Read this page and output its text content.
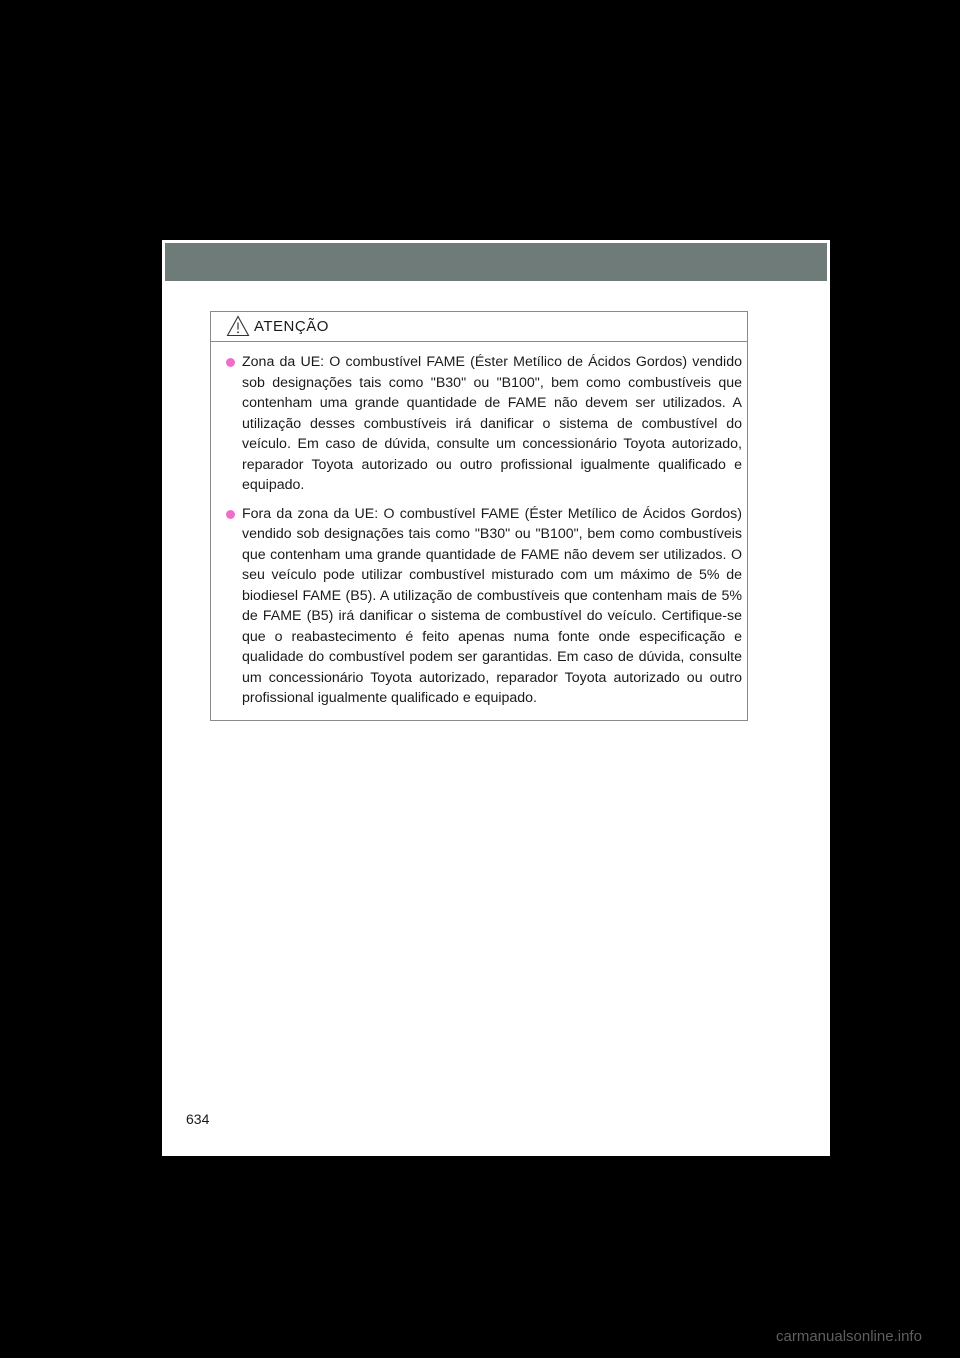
ATENÇÃO
Zona da UE: O combustível FAME (Éster Metílico de Ácidos Gordos) vendido sob designações tais como "B30" ou "B100", bem como combustíveis que contenham uma grande quantidade de FAME não devem ser utilizados. A utilização desses combustíveis irá danificar o sistema de combustível do veículo. Em caso de dúvida, consulte um concessionário Toyota autorizado, reparador Toyota autorizado ou outro profissional igualmente qualificado e equipado.
Fora da zona da UE: O combustível FAME (Éster Metílico de Ácidos Gordos) vendido sob designações tais como "B30" ou "B100", bem como combustíveis que contenham uma grande quantidade de FAME não devem ser utilizados. O seu veículo pode utilizar combustível misturado com um máximo de 5% de biodiesel FAME (B5). A utilização de combustíveis que contenham mais de 5% de FAME (B5) irá danificar o sistema de combustível do veículo. Certifique-se que o reabastecimento é feito apenas numa fonte onde especificação e qualidade do combustível podem ser garantidas. Em caso de dúvida, consulte um concessionário Toyota autorizado, reparador Toyota autorizado ou outro profissional igualmente qualificado e equipado.
634
carmanualsonline.info
